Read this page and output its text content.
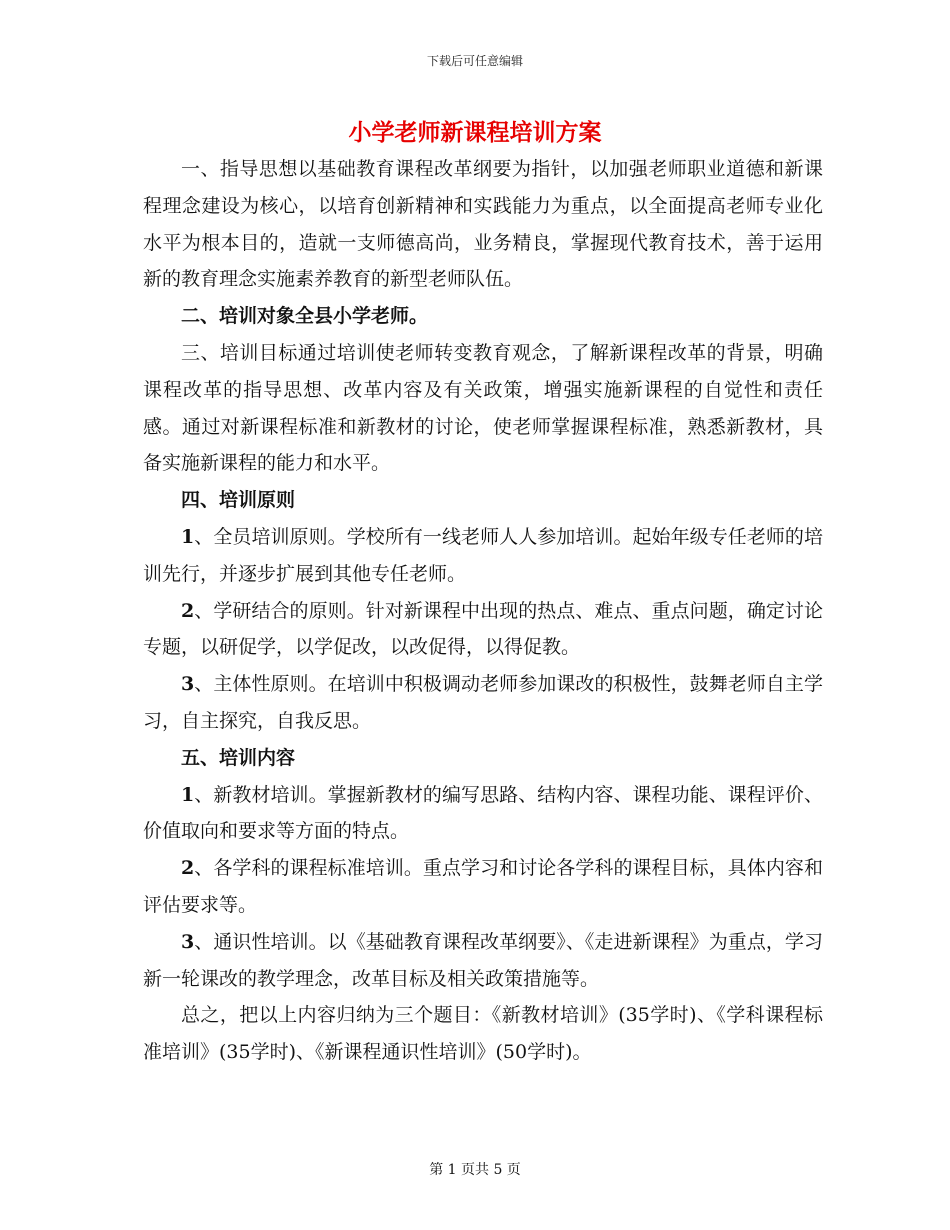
下载后可任意编辑
小学老师新课程培训方案

一、指导思想以基础教育课程改革纲要为指针，以加强老师职业道德和新课程理念建设为核心，以培育创新精神和实践能力为重点，以全面提高老师专业化水平为根本目的，造就一支师德高尚，业务精良，掌握现代教育技术，善于运用新的教育理念实施素养教育的新型老师队伍。

二、培训对象全县小学老师。

三、培训目标通过培训使老师转变教育观念，了解新课程改革的背景，明确课程改革的指导思想、改革内容及有关政策，增强实施新课程的自觉性和责任感。通过对新课程标准和新教材的讨论，使老师掌握课程标准，熟悉新教材，具备实施新课程的能力和水平。

四、培训原则

1、全员培训原则。学校所有一线老师人人参加培训。起始年级专任老师的培训先行，并逐步扩展到其他专任老师。

2、学研结合的原则。针对新课程中出现的热点、难点、重点问题，确定讨论专题，以研促学，以学促改，以改促得，以得促教。

3、主体性原则。在培训中积极调动老师参加课改的积极性，鼓舞老师自主学习，自主探究，自我反思。

五、培训内容

1、新教材培训。掌握新教材的编写思路、结构内容、课程功能、课程评价、价值取向和要求等方面的特点。

2、各学科的课程标准培训。重点学习和讨论各学科的课程目标，具体内容和评估要求等。

3、通识性培训。以《基础教育课程改革纲要》、《走进新课程》为重点，学习新一轮课改的教学理念，改革目标及相关政策措施等。

总之，把以上内容归纳为三个题目：《新教材培训》(35学时)、《学科课程标准培训》(35学时)、《新课程通识性培训》(50学时)。

第 1 页共 5 页
